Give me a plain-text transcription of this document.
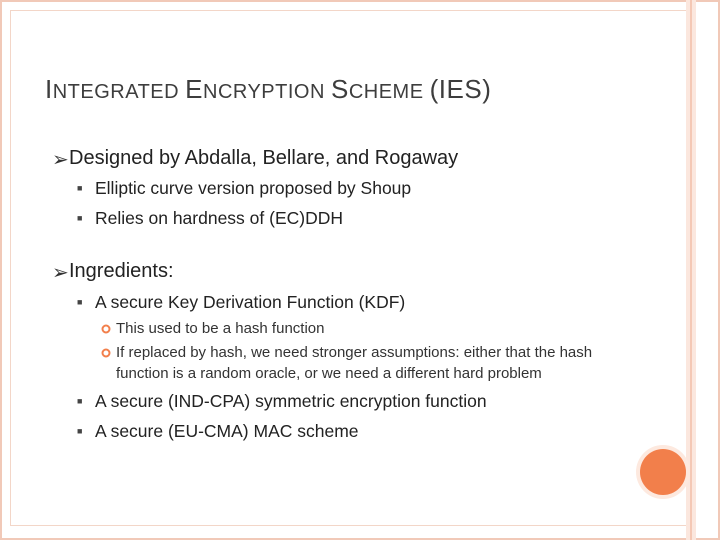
INTEGRATED ENCRYPTION SCHEME (IES)
➢ Designed by Abdalla, Bellare, and Rogaway
■ Elliptic curve version proposed by Shoup
■ Relies on hardness of (EC)DDH
➢ Ingredients:
■ A secure Key Derivation Function (KDF)
This used to be a hash function
If replaced by hash, we need stronger assumptions: either that the hash function is a random oracle, or we need a different hard problem
■ A secure (IND-CPA) symmetric encryption function
■ A secure (EU-CMA) MAC scheme
